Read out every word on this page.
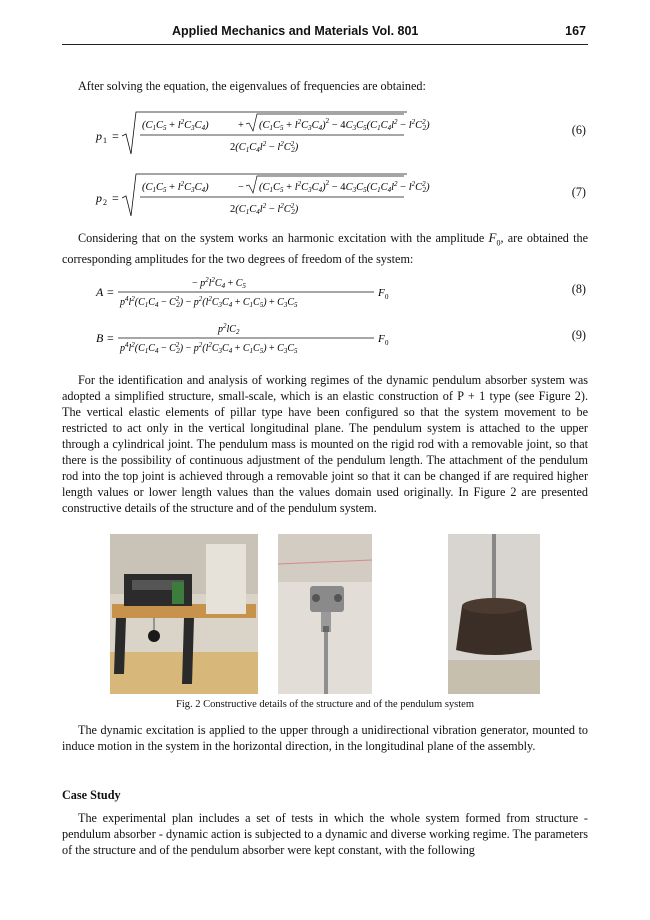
Applied Mechanics and Materials Vol. 801	167
After solving the equation, the eigenvalues of frequencies are obtained:
p 1 =
$(C1C5 + l^2C3C4)$	+ $(C1C5 + l^2C3C4)^2 - 4C3C5(C1C4l^2 - l^2C^2$ 2)
$2(C1C4l^2 - l^2C^2$ 2)
(6)
p 2 =
$(C1C5 + l^2C3C4)$	− $(C1C5 + l^2C3C4)^2 - 4C3C5(C1C4l^2 - l^2C^2$ 2)
$2(C1C4l^2 - l^2C^2$ 2)
(7)
Considering that on the system works an harmonic excitation with the amplitude $F_0$, are obtained the corresponding amplitudes for the two degrees of freedom of the system:
A =
− $p^2l^2C_4 + C_5$
$p^4l^2(C_1C_4 - C^2$ $2) - p^2(l^2C_3C_4 + C_1C_5) + C_3C_5$
F 0
(8)
B =
$p^2lC_2$
$p^4l^2(C_1C_4 - C^2$ $2) - p^2(l^2C_3C_4 + C_1C_5) + C_3C_5$
F 0
(9)
For the identification and analysis of working regimes of the dynamic pendulum absorber system was adopted a simplified structure, small-scale, which is an elastic construction of P + 1 type (see Figure 2). The vertical elastic elements of pillar type have been configured so that the system movement to be restricted to act only in the vertical longitudinal plane. The pendulum system is attached to the upper through a cylindrical joint. The pendulum mass is mounted on the rigid rod with a removable joint, so that there is the possibility of continuous adjustment of the pendulum length. The attachment of the pendulum rod into the top joint is achieved through a removable joint so that it can be changed if are required higher length values or lower length values than the values domain used originally. In Figure 2 are presented constructive details of the structure and of the pendulum system.
Fig. 2 Constructive details of the structure and of the pendulum system
The dynamic excitation is applied to the upper through a unidirectional vibration generator, mounted to induce motion in the system in the horizontal direction, in the longitudinal plane of the assembly.
Case Study
The experimental plan includes a set of tests in which the whole system formed from structure - pendulum absorber - dynamic action is subjected to a dynamic and diverse working regime. The parameters of the structure and of the pendulum absorber were kept constant, with the following
